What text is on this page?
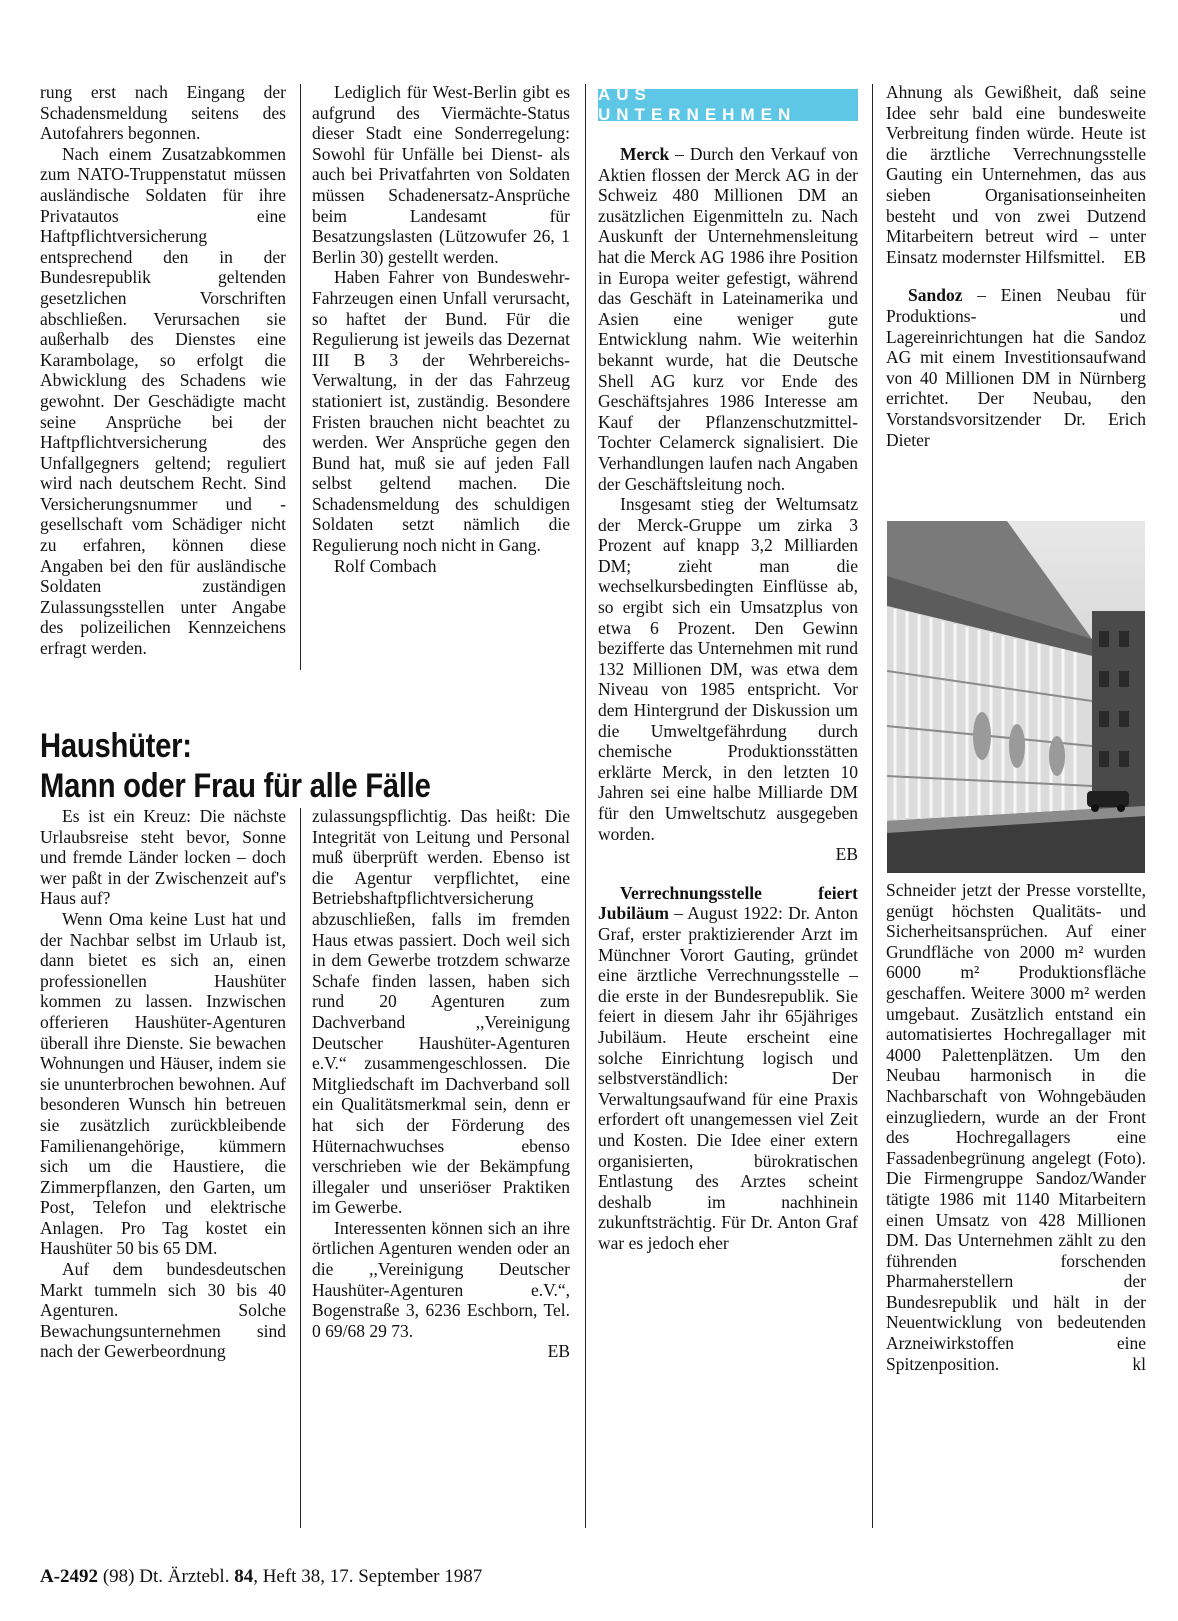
rung erst nach Eingang der Schadensmeldung seitens des Autofahrers begonnen.

Nach einem Zusatzabkommen zum NATO-Truppenstatut müssen ausländische Soldaten für ihre Privatautos eine Haftpflichtversicherung entsprechend den in der Bundesrepublik geltenden gesetzlichen Vorschriften abschließen. Verursachen sie außerhalb des Dienstes eine Karambolage, so erfolgt die Abwicklung des Schadens wie gewohnt. Der Geschädigte macht seine Ansprüche bei der Haftpflichtversicherung des Unfallgegners geltend; reguliert wird nach deutschem Recht. Sind Versicherungsnummer und -gesellschaft vom Schädiger nicht zu erfahren, können diese Angaben bei den für ausländische Soldaten zuständigen Zulassungsstellen unter Angabe des polizeilichen Kennzeichens erfragt werden.

Lediglich für West-Berlin gibt es aufgrund des Viermächte-Status dieser Stadt eine Sonderregelung: Sowohl für Unfälle bei Dienst- als auch bei Privatfahrten von Soldaten müssen Schadenersatz-Ansprüche beim Landesamt für Besatzungslasten (Lützowufer 26, 1 Berlin 30) gestellt werden.

Haben Fahrer von Bundeswehr-Fahrzeugen einen Unfall verursacht, so haftet der Bund. Für die Regulierung ist jeweils das Dezernat III B 3 der Wehrbereichs-Verwaltung, in der das Fahrzeug stationiert ist, zuständig. Besondere Fristen brauchen nicht beachtet zu werden. Wer Ansprüche gegen den Bund hat, muß sie auf jeden Fall selbst geltend machen. Die Schadensmeldung des schuldigen Soldaten setzt nämlich die Regulierung noch nicht in Gang.

Rolf Combach

Haushüter:
Mann oder Frau für alle Fälle

Es ist ein Kreuz: Die nächste Urlaubsreise steht bevor, Sonne und fremde Länder locken – doch wer paßt in der Zwischenzeit auf's Haus auf?

Wenn Oma keine Lust hat und der Nachbar selbst im Urlaub ist, dann bietet es sich an, einen professionellen Haushüter kommen zu lassen. Inzwischen offerieren Haushüter-Agenturen überall ihre Dienste. Sie bewachen Wohnungen und Häuser, indem sie sie ununterbrochen bewohnen. Auf besonderen Wunsch hin betreuen sie zusätzlich zurückbleibende Familienangehörige, kümmern sich um die Haustiere, die Zimmerpflanzen, den Garten, um Post, Telefon und elektrische Anlagen. Pro Tag kostet ein Haushüter 50 bis 65 DM.

Auf dem bundesdeutschen Markt tummeln sich 30 bis 40 Agenturen. Solche Bewachungsunternehmen sind nach der Gewerbeordnung

zulassungspflichtig. Das heißt: Die Integrität von Leitung und Personal muß überprüft werden. Ebenso ist die Agentur verpflichtet, eine Betriebshaftpflichtversicherung abzuschließen, falls im fremden Haus etwas passiert. Doch weil sich in dem Gewerbe trotzdem schwarze Schafe finden lassen, haben sich rund 20 Agenturen zum Dachverband ,,Vereinigung Deutscher Haushüter-Agenturen e.V.“ zusammengeschlossen. Die Mitgliedschaft im Dachverband soll ein Qualitätsmerkmal sein, denn er hat sich der Förderung des Hüternachwuchses ebenso verschrieben wie der Bekämpfung illegaler und unseriöser Praktiken im Gewerbe.

Interessenten können sich an ihre örtlichen Agenturen wenden oder an die ,,Vereinigung Deutscher Haushüter-Agenturen e.V.“, Bogenstraße 3, 6236 Eschborn, Tel. 0 69/68 29 73.

EB

AUS UNTERNEHMEN

Merck – Durch den Verkauf von Aktien flossen der Merck AG in der Schweiz 480 Millionen DM an zusätzlichen Eigenmitteln zu. Nach Auskunft der Unternehmensleitung hat die Merck AG 1986 ihre Position in Europa weiter gefestigt, während das Geschäft in Lateinamerika und Asien eine weniger gute Entwicklung nahm. Wie weiterhin bekannt wurde, hat die Deutsche Shell AG kurz vor Ende des Geschäftsjahres 1986 Interesse am Kauf der Pflanzenschutzmittel-Tochter Celamerck signalisiert. Die Verhandlungen laufen nach Angaben der Geschäftsleitung noch.

Insgesamt stieg der Weltumsatz der Merck-Gruppe um zirka 3 Prozent auf knapp 3,2 Milliarden DM; zieht man die wechselkursbedingten Einflüsse ab, so ergibt sich ein Umsatzplus von etwa 6 Prozent. Den Gewinn bezifferte das Unternehmen mit rund 132 Millionen DM, was etwa dem Niveau von 1985 entspricht. Vor dem Hintergrund der Diskussion um die Umweltgefährdung durch chemische Produktionsstätten erklärte Merck, in den letzten 10 Jahren sei eine halbe Milliarde DM für den Umweltschutz ausgegeben worden.

EB

Verrechnungsstelle feiert Jubiläum – August 1922: Dr. Anton Graf, erster praktizierender Arzt im Münchner Vorort Gauting, gründet eine ärztliche Verrechnungsstelle – die erste in der Bundesrepublik. Sie feiert in diesem Jahr ihr 65jähriges Jubiläum. Heute erscheint eine solche Einrichtung logisch und selbstverständlich: Der Verwaltungsaufwand für eine Praxis erfordert oft unangemessen viel Zeit und Kosten. Die Idee einer extern organisierten, bürokratischen Entlastung des Arztes scheint deshalb im nachhinein zukunftsträchtig. Für Dr. Anton Graf war es jedoch eher

Ahnung als Gewißheit, daß seine Idee sehr bald eine bundesweite Verbreitung finden würde. Heute ist die ärztliche Verrechnungsstelle Gauting ein Unternehmen, das aus sieben Organisationseinheiten besteht und von zwei Dutzend Mitarbeitern betreut wird – unter Einsatz modernster Hilfsmittel. EB

Sandoz – Einen Neubau für Produktions- und Lagereinrichtungen hat die Sandoz AG mit einem Investitionsaufwand von 40 Millionen DM in Nürnberg errichtet. Der Neubau, den Vorstandsvorsitzender Dr. Erich Dieter

Schneider jetzt der Presse vorstellte, genügt höchsten Qualitäts- und Sicherheitsansprüchen. Auf einer Grundfläche von 2000 m² wurden 6000 m² Produktionsfläche geschaffen. Weitere 3000 m² werden umgebaut. Zusätzlich entstand ein automatisiertes Hochregallager mit 4000 Palettenplätzen. Um den Neubau harmonisch in die Nachbarschaft von Wohngebäuden einzugliedern, wurde an der Front des Hochregallagers eine Fassadenbegrünung angelegt (Foto). Die Firmengruppe Sandoz/Wander tätigte 1986 mit 1140 Mitarbeitern einen Umsatz von 428 Millionen DM. Das Unternehmen zählt zu den führenden forschenden Pharmaherstellern der Bundesrepublik und hält in der Neuentwicklung von bedeutenden Arzneiwirkstoffen eine Spitzenposition.	kl

A-2492 (98) Dt. Ärztebl. 84, Heft 38, 17. September 1987
